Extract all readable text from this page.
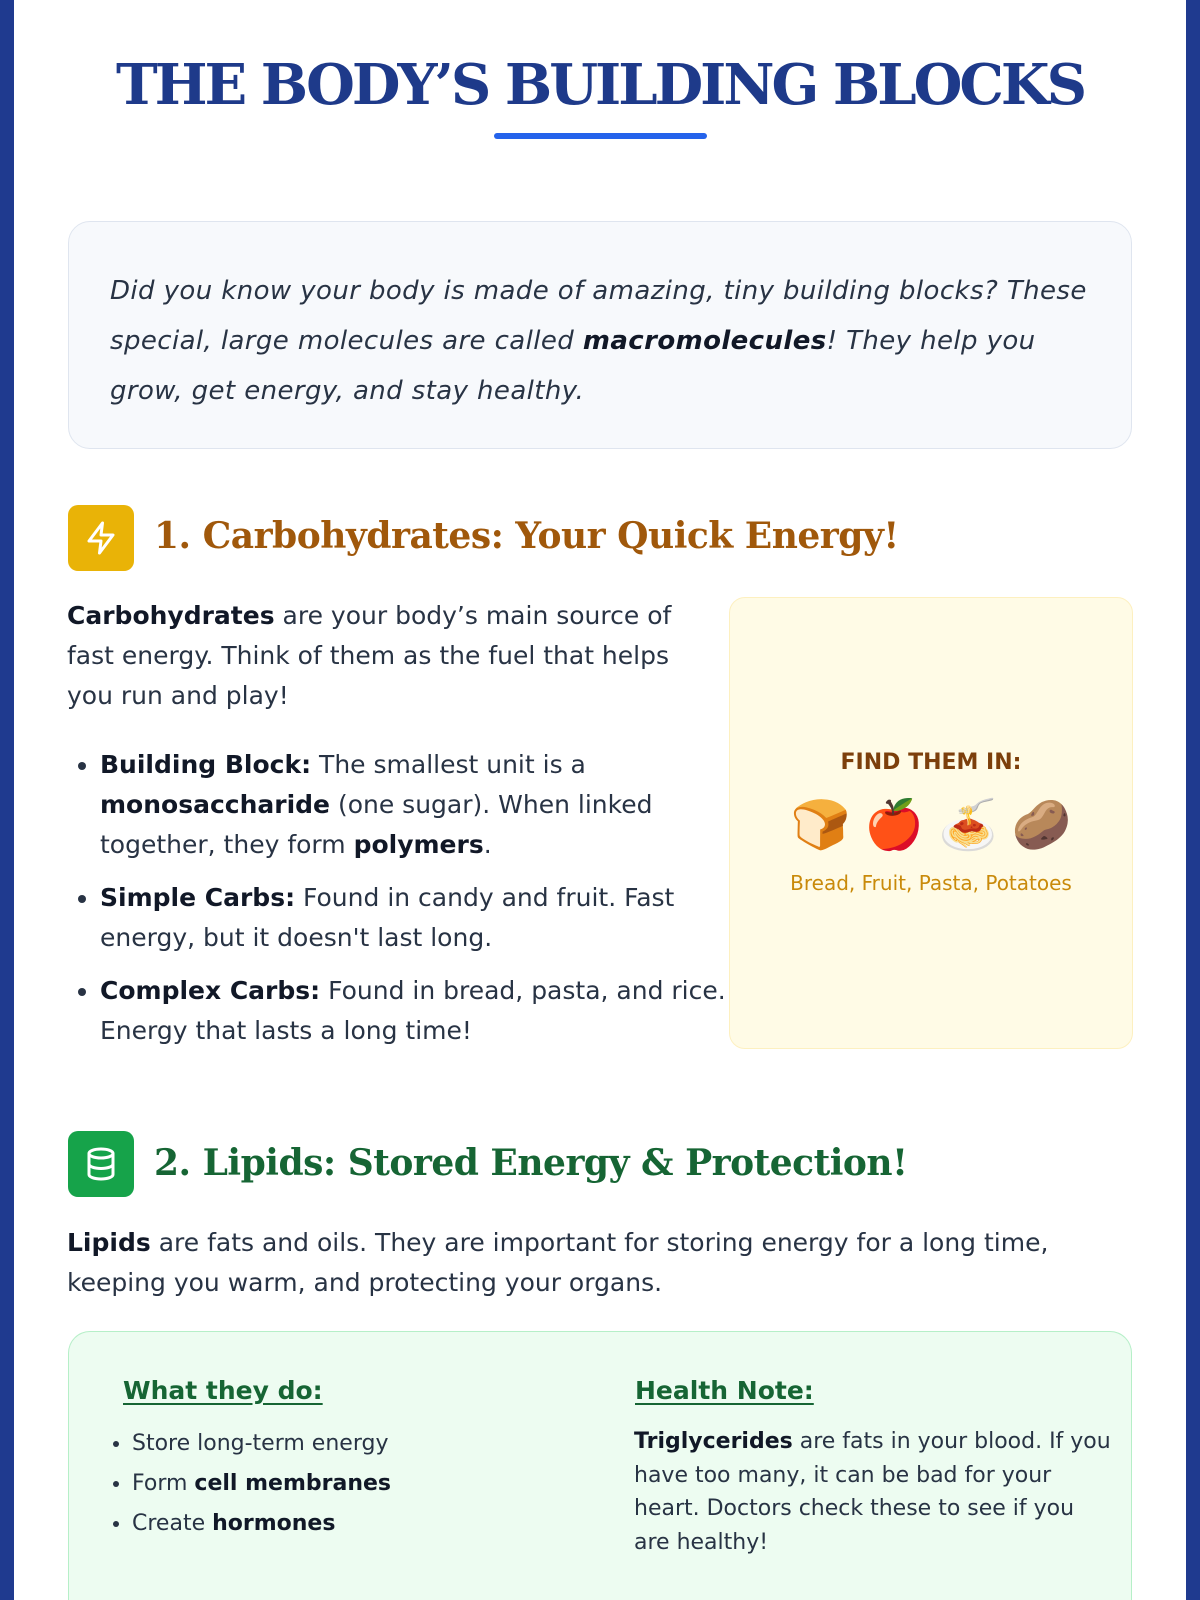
THE BODY’S BUILDING BLOCKS

Did you know your body is made of amazing, tiny building blocks? These special, large molecules are called macromolecules! They help you grow, get energy, and stay healthy.

1. Carbohydrates: Your Quick Energy!

Carbohydrates are your body’s main source of fast energy. Think of them as the fuel that helps you run and play!

• Building Block: The smallest unit is a monosaccharide (one sugar). When linked together, they form polymers.
• Simple Carbs: Found in candy and fruit. Fast energy, but it doesn't last long.
• Complex Carbs: Found in bread, pasta, and rice. Energy that lasts a long time!
FIND THEM IN:
🍞 🍎 🍝 🥔
Bread, Fruit, Pasta, Potatoes
2. Lipids: Stored Energy & Protection!

Lipids are fats and oils. They are important for storing energy for a long time, keeping you warm, and protecting your organs.

What they do:
• Store long-term energy
• Form cell membranes
• Create hormones
Health Note:

Triglycerides are fats in your blood. If you have too many, it can be bad for your heart. Doctors check these to see if you are healthy!
